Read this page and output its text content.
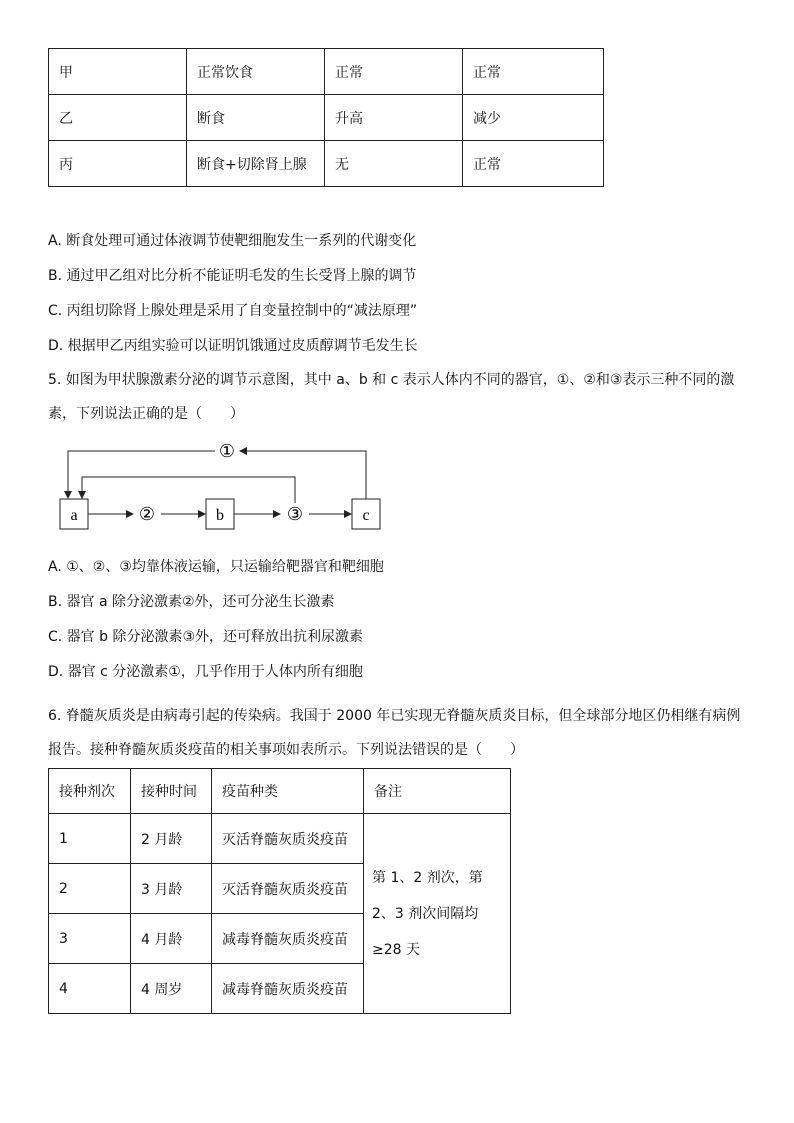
甲	正常饮食	正常	正常
乙	断食	升高	减少
丙	断食+切除肾上腺	无	正常
A. 断食处理可通过体液调节使靶细胞发生一系列的代谢变化
B. 通过甲乙组对比分析不能证明毛发的生长受肾上腺的调节
C. 丙组切除肾上腺处理是采用了自变量控制中的“减法原理”
D. 根据甲乙丙组实验可以证明饥饿通过皮质醇调节毛发生长
5. 如图为甲状腺激素分泌的调节示意图，其中 a、b 和 c 表示人体内不同的器官，①、②和③表示三种不同的激素，下列说法正确的是（　　）
a	b	c
②	③
①
A. ①、②、③均靠体液运输，只运输给靶器官和靶细胞
B. 器官 a 除分泌激素②外，还可分泌生长激素
C. 器官 b 除分泌激素③外，还可释放出抗利尿激素
D. 器官 c 分泌激素①，几乎作用于人体内所有细胞
6. 脊髓灰质炎是由病毒引起的传染病。我国于 2000 年已实现无脊髓灰质炎目标，但全球部分地区仍相继有病例报告。接种脊髓灰质炎疫苗的相关事项如表所示。下列说法错误的是（　　）
接种剂次	接种时间	疫苗种类	备注
1	2 月龄	灭活脊髓灰质炎疫苗	第 1、2 剂次，第 2、3 剂次间隔均≥28 天
2	3 月龄	灭活脊髓灰质炎疫苗	
3	4 月龄	减毒脊髓灰质炎疫苗	
4	4 周岁	减毒脊髓灰质炎疫苗	
